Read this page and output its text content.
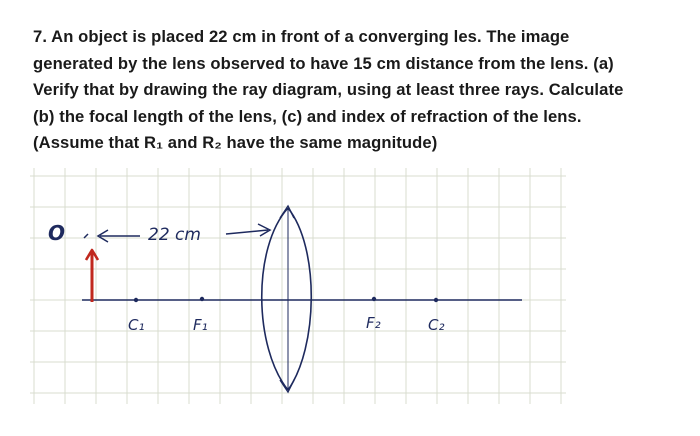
7. An object is placed 22 cm in front of a converging les. The image
generated by the lens observed to have 15 cm distance from the lens. (a)
Verify that by drawing the ray diagram, using at least three rays. Calculate
(b) the focal length of the lens, (c) and index of refraction of the lens.
(Assume that R₁ and R₂ have the same magnitude)
O	22 cm
C₁	F₁	F₂	C₂
